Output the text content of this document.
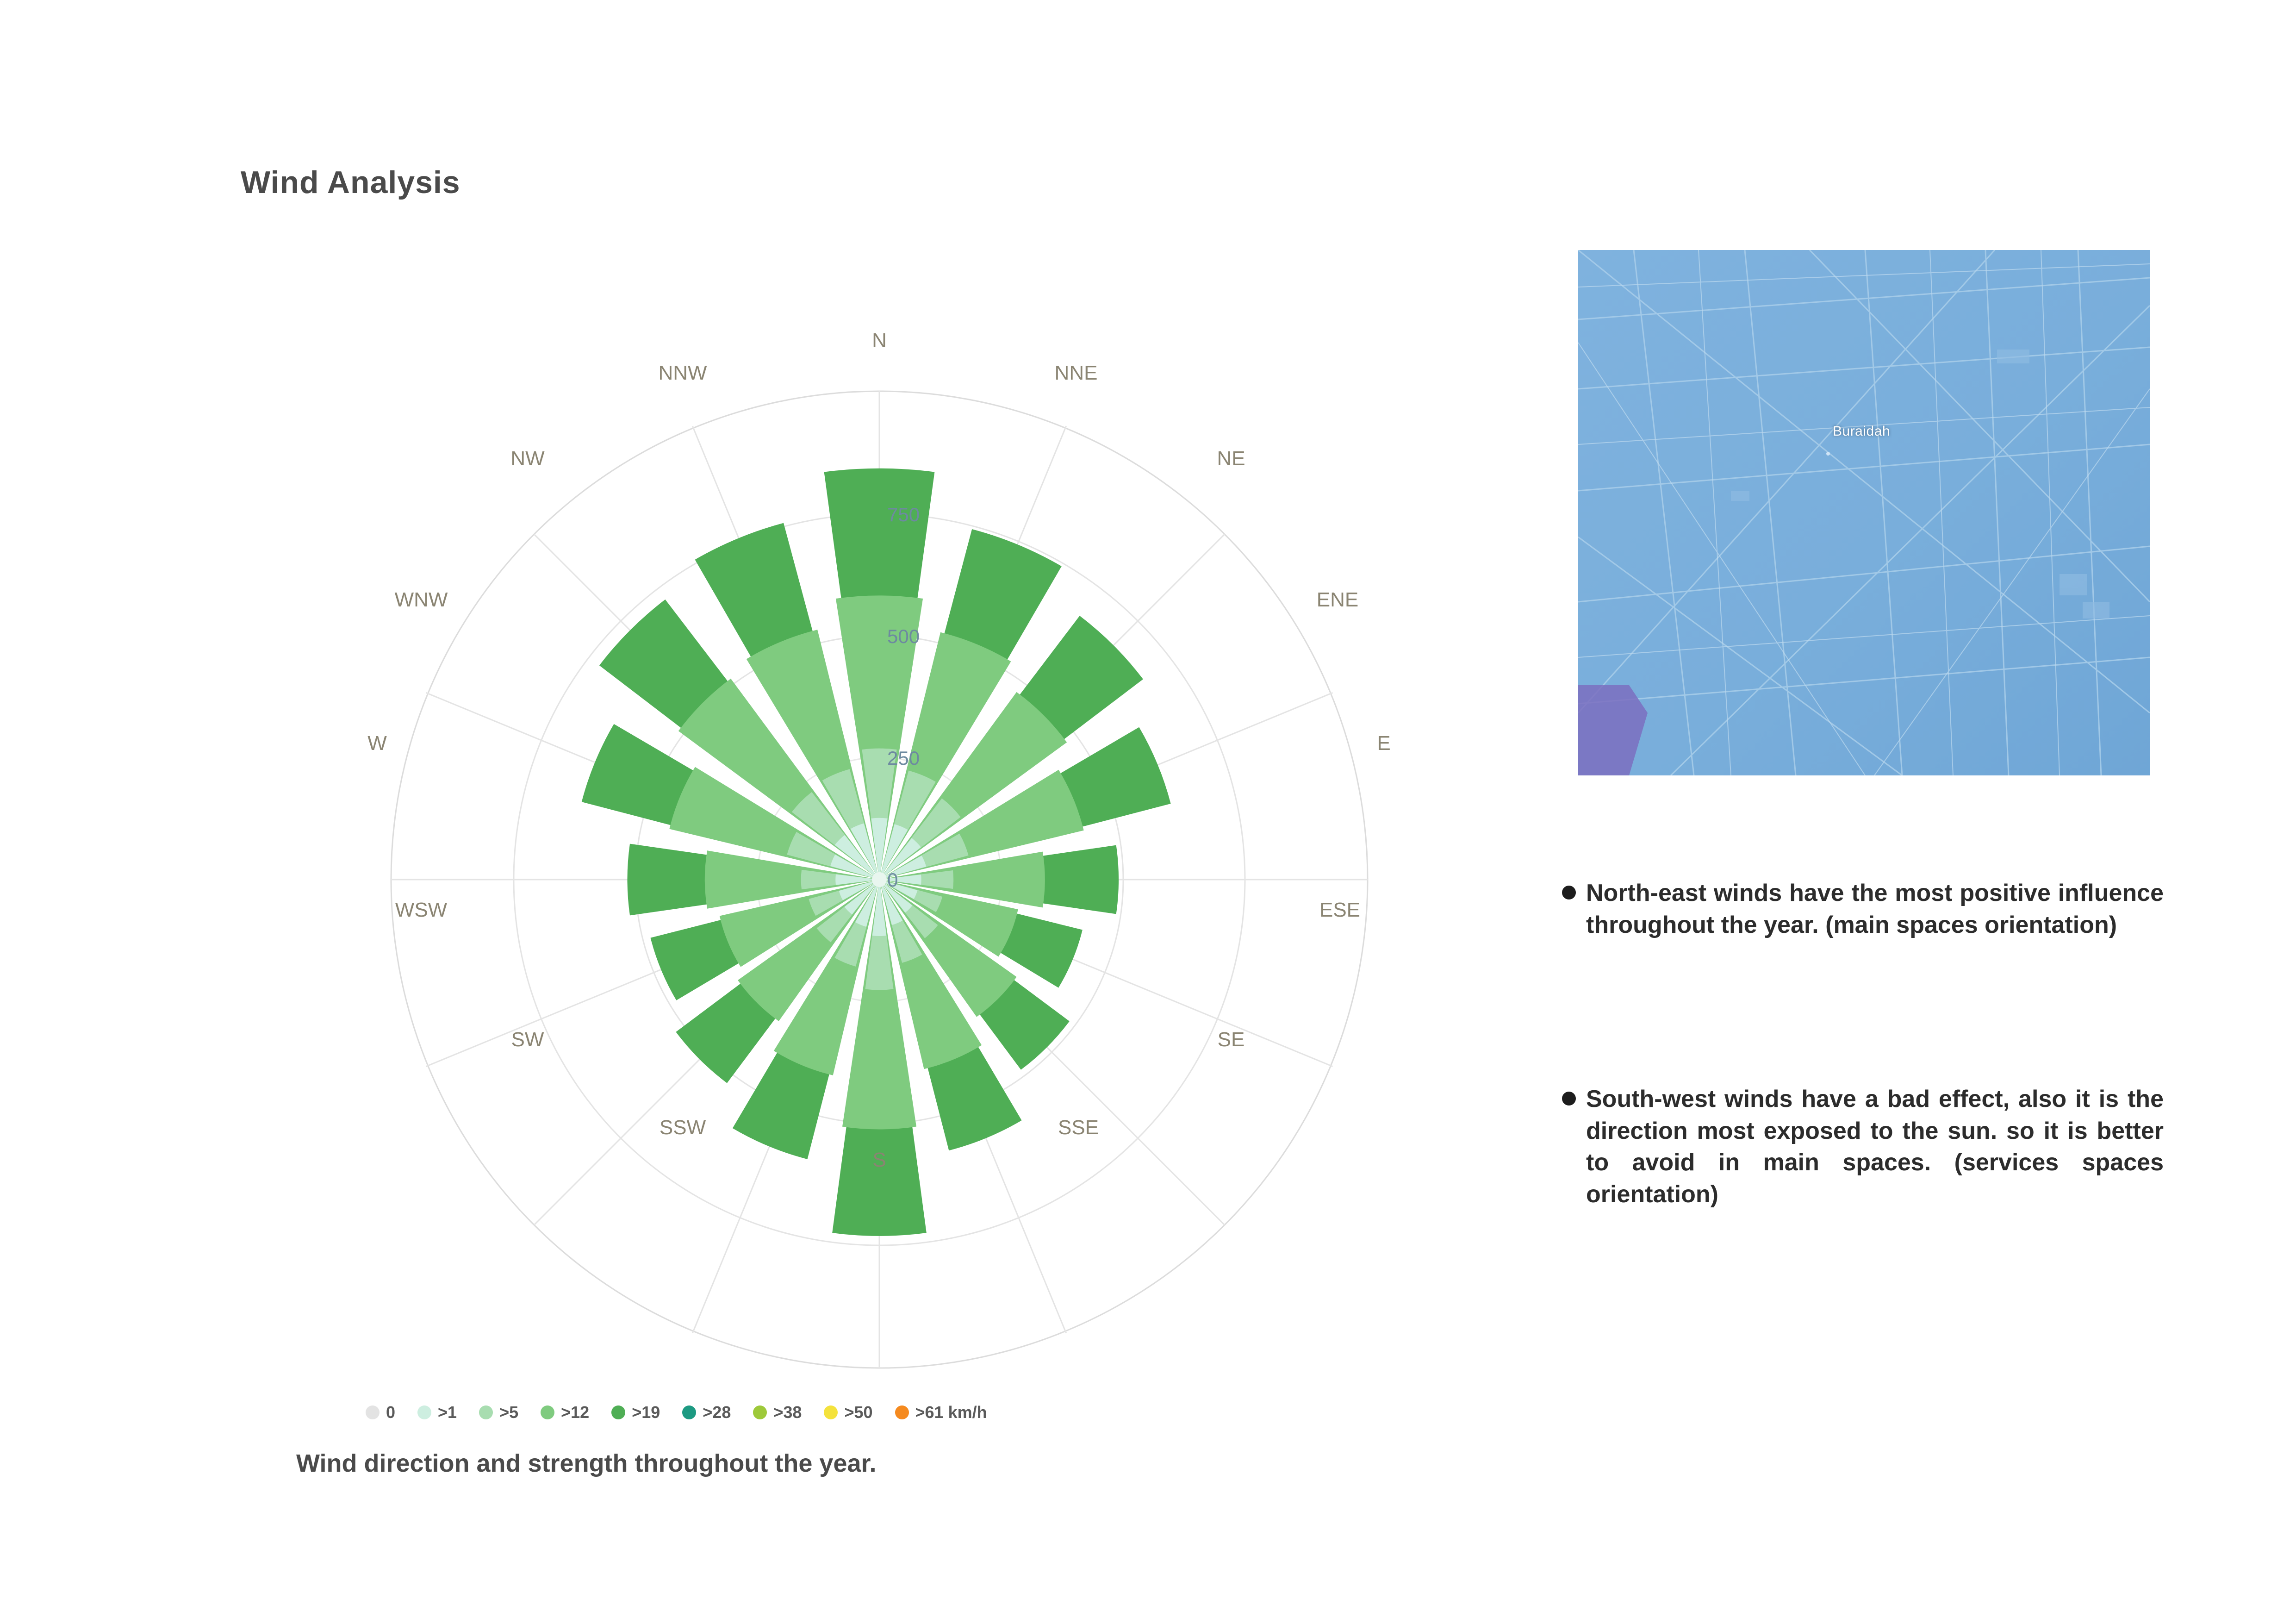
Wind Analysis
0
250
500
750
N
NNE
NE
ENE
E
ESE
SE
SSE
S
SSW
SW
WSW
W
WNW
NW
NNW
0	>1	>5	>12	>19	>28	>38	>50	>61 km/h
Wind direction and strength throughout the year.
Buraidah
North-east winds have the most positive influence throughout the year. (main spaces orientation)
South-west winds have a bad effect, also it is the direction most exposed to the sun. so it is better to avoid in main spaces. (services spaces orientation)
